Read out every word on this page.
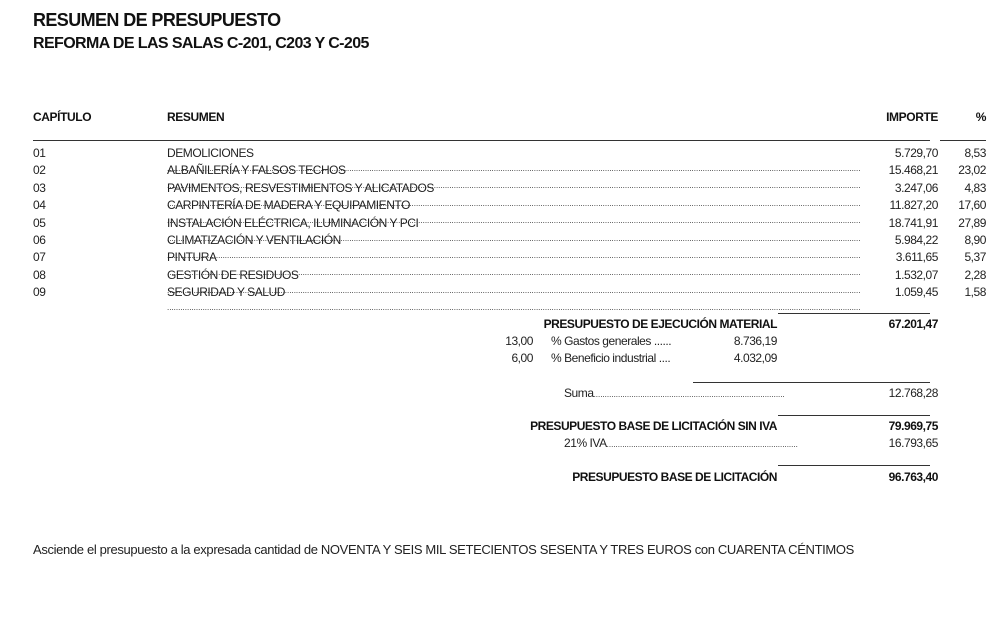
RESUMEN DE PRESUPUESTO
REFORMA DE LAS SALAS C-201, C203 Y C-205
CAPÍTULO	RESUMEN	IMPORTE	%
01	DEMOLICIONES .....	5.729,70 8,53
02	ALBAÑILERÍA Y FALSOS TECHOS .....	15.468,21 23,02
03	PAVIMENTOS, RESVESTIMIENTOS Y ALICATADOS .....	3.247,06 4,83
04	CARPINTERÍA DE MADERA Y EQUIPAMIENTO .....	11.827,20 17,60
05	INSTALACIÓN ELÉCTRICA, ILUMINACIÓN Y PCI .....	18.741,91 27,89
06	CLIMATIZACIÓN Y VENTILACIÓN .....	5.984,22 8,90
07	PINTURA .....	3.611,65 5,37
08	GESTIÓN DE RESIDUOS .....	1.532,07 2,28
09	SEGURIDAD Y SALUD .....	1.059,45 1,58
PRESUPUESTO DE EJECUCIÓN MATERIAL	67.201,47
13,00 % Gastos generales ......	8.736,19
6,00 % Beneficio industrial ....	4.032,09
Suma......................................................................................	12.768,28
PRESUPUESTO BASE DE LICITACIÓN SIN IVA	79.969,75
21% IVA......................................................................................	16.793,65
PRESUPUESTO BASE DE LICITACIÓN	96.763,40
Asciende el presupuesto a la expresada cantidad de NOVENTA Y SEIS MIL SETECIENTOS SESENTA Y TRES EUROS con CUARENTA CÉNTIMOS
